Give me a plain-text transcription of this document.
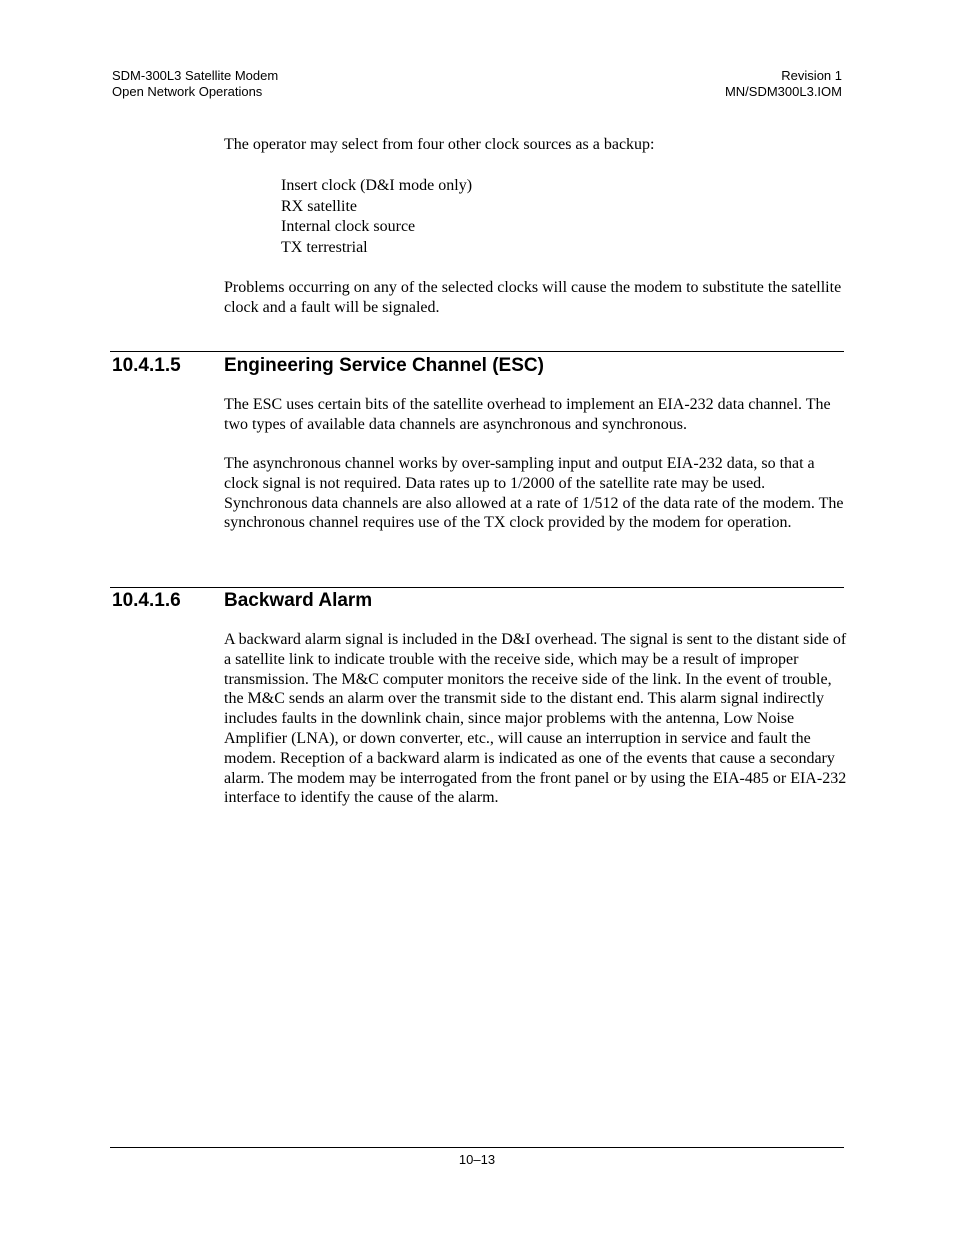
SDM-300L3 Satellite Modem
Open Network Operations
Revision 1
MN/SDM300L3.IOM

The operator may select from four other clock sources as a backup:

Insert clock (D&I mode only)
RX satellite
Internal clock source
TX terrestrial

Problems occurring on any of the selected clocks will cause the modem to substitute the satellite clock and a fault will be signaled.

10.4.1.5 Engineering Service Channel (ESC)

The ESC uses certain bits of the satellite overhead to implement an EIA-232 data channel. The two types of available data channels are asynchronous and synchronous.

The asynchronous channel works by over-sampling input and output EIA-232 data, so that a clock signal is not required. Data rates up to 1/2000 of the satellite rate may be used. Synchronous data channels are also allowed at a rate of 1/512 of the data rate of the modem. The synchronous channel requires use of the TX clock provided by the modem for operation.

10.4.1.6 Backward Alarm

A backward alarm signal is included in the D&I overhead. The signal is sent to the distant side of a satellite link to indicate trouble with the receive side, which may be a result of improper transmission. The M&C computer monitors the receive side of the link. In the event of trouble, the M&C sends an alarm over the transmit side to the distant end. This alarm signal indirectly includes faults in the downlink chain, since major problems with the antenna, Low Noise Amplifier (LNA), or down converter, etc., will cause an interruption in service and fault the modem. Reception of a backward alarm is indicated as one of the events that cause a secondary alarm. The modem may be interrogated from the front panel or by using the EIA-485 or EIA-232 interface to identify the cause of the alarm.

10–13
